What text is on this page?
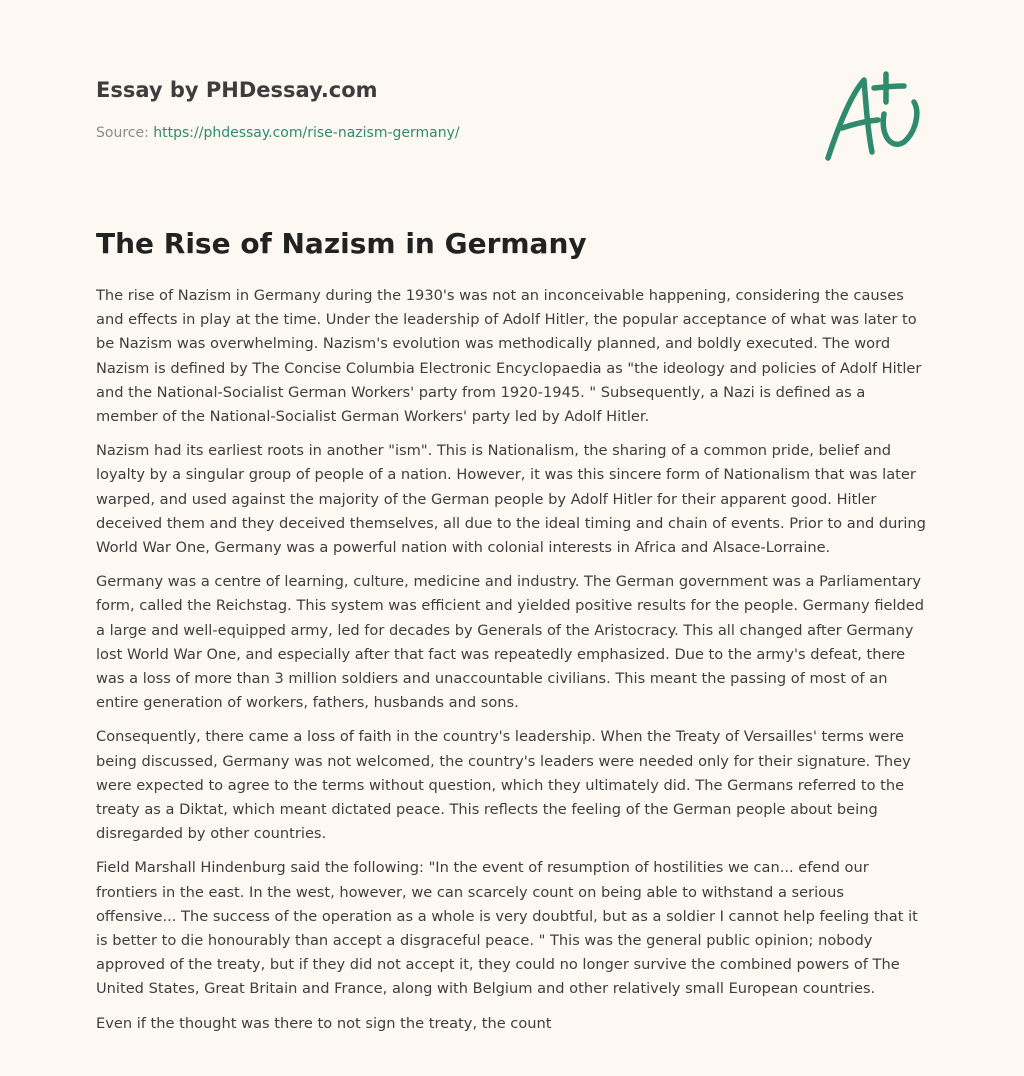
Essay by PHDessay.com
Source: https://phdessay.com/rise-nazism-germany/
The Rise of Nazism in Germany

The rise of Nazism in Germany during the 1930's was not an inconceivable happening, considering the causes and effects in play at the time. Under the leadership of Adolf Hitler, the popular acceptance of what was later to be Nazism was overwhelming. Nazism's evolution was methodically planned, and boldly executed. The word Nazism is defined by The Concise Columbia Electronic Encyclopaedia as "the ideology and policies of Adolf Hitler and the National-Socialist German Workers' party from 1920-1945. " Subsequently, a Nazi is defined as a member of the National-Socialist German Workers' party led by Adolf Hitler.

Nazism had its earliest roots in another "ism". This is Nationalism, the sharing of a common pride, belief and loyalty by a singular group of people of a nation. However, it was this sincere form of Nationalism that was later warped, and used against the majority of the German people by Adolf Hitler for their apparent good. Hitler deceived them and they deceived themselves, all due to the ideal timing and chain of events. Prior to and during World War One, Germany was a powerful nation with colonial interests in Africa and Alsace-Lorraine.

Germany was a centre of learning, culture, medicine and industry. The German government was a Parliamentary form, called the Reichstag. This system was efficient and yielded positive results for the people. Germany fielded a large and well-equipped army, led for decades by Generals of the Aristocracy. This all changed after Germany lost World War One, and especially after that fact was repeatedly emphasized. Due to the army's defeat, there was a loss of more than 3 million soldiers and unaccountable civilians. This meant the passing of most of an entire generation of workers, fathers, husbands and sons.

Consequently, there came a loss of faith in the country's leadership. When the Treaty of Versailles' terms were being discussed, Germany was not welcomed, the country's leaders were needed only for their signature. They were expected to agree to the terms without question, which they ultimately did. The Germans referred to the treaty as a Diktat, which meant dictated peace. This reflects the feeling of the German people about being disregarded by other countries.

Field Marshall Hindenburg said the following: "In the event of resumption of hostilities we can... efend our frontiers in the east. In the west, however, we can scarcely count on being able to withstand a serious offensive... The success of the operation as a whole is very doubtful, but as a soldier I cannot help feeling that it is better to die honourably than accept a disgraceful peace. " This was the general public opinion; nobody approved of the treaty, but if they did not accept it, they could no longer survive the combined powers of The United States, Great Britain and France, along with Belgium and other relatively small European countries.

Even if the thought was there to not sign the treaty, the count
